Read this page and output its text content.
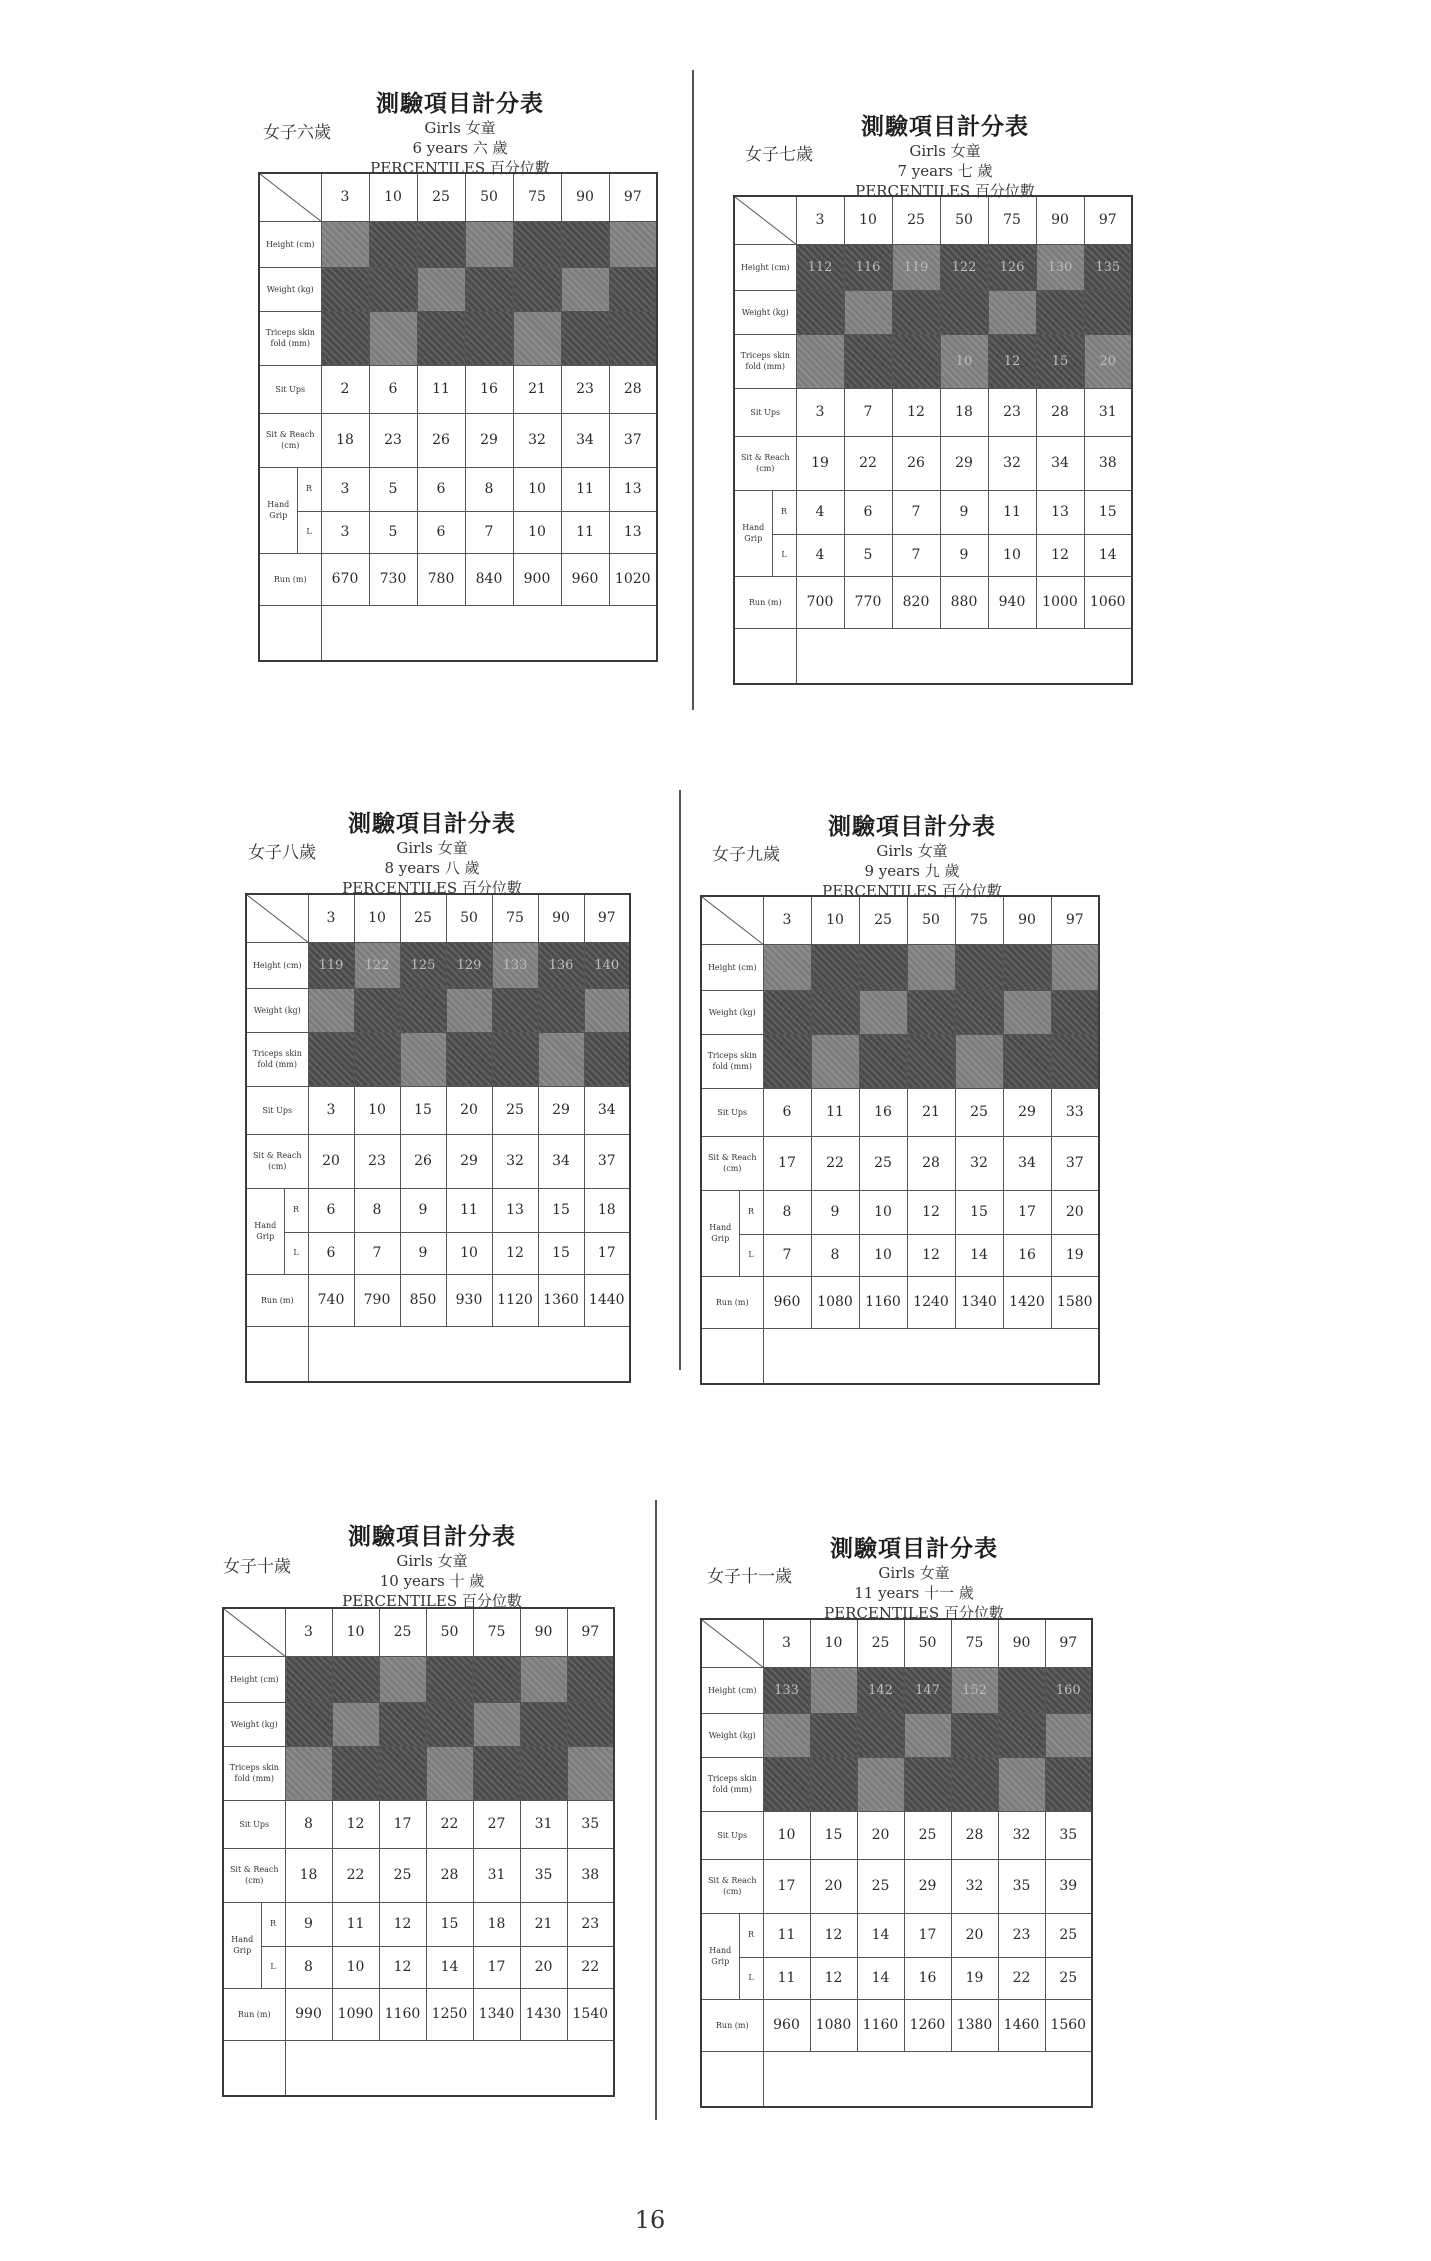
16
測驗項目計分表
Girls 女童
6 years 六 歲
PERCENTILES 百分位數
女子六歲
	3	10	25	50	75	90	97
Height (cm)								
Weight (kg)								
Triceps skin fold (mm)								
Sit Ups		2	6	11	16	21	23	28
Sit & Reach (cm)		18	23	26	29	32	34	37
Hand Grip	R	3	5	6	8	10	11	13
	L	3	5	6	7	10	11	13
Run (m)		670	730	780	840	900	960	1020

測驗項目計分表
Girls 女童
7 years 七 歲
PERCENTILES 百分位數
女子七歲
	3	10	25	50	75	90	97
Height (cm)		112	116	119	122	126	130	135
Weight (kg)								
Triceps skin fold (mm)					10	12	15	20
Sit Ups		3	7	12	18	23	28	31
Sit & Reach (cm)		19	22	26	29	32	34	38
Hand Grip	R	4	6	7	9	11	13	15
	L	4	5	7	9	10	12	14
Run (m)		700	770	820	880	940	1000	1060

測驗項目計分表
Girls 女童
8 years 八 歲
PERCENTILES 百分位數
女子八歲
	3	10	25	50	75	90	97
Height (cm)		119	122	125	129	133	136	140
Weight (kg)								
Triceps skin fold (mm)								
Sit Ups		3	10	15	20	25	29	34
Sit & Reach (cm)		20	23	26	29	32	34	37
Hand Grip	R	6	8	9	11	13	15	18
	L	6	7	9	10	12	15	17
Run (m)		740	790	850	930	1120	1360	1440

測驗項目計分表
Girls 女童
9 years 九 歲
PERCENTILES 百分位數
女子九歲
	3	10	25	50	75	90	97
Height (cm)								
Weight (kg)								
Triceps skin fold (mm)								
Sit Ups		6	11	16	21	25	29	33
Sit & Reach (cm)		17	22	25	28	32	34	37
Hand Grip	R	8	9	10	12	15	17	20
	L	7	8	10	12	14	16	19
Run (m)		960	1080	1160	1240	1340	1420	1580

測驗項目計分表
Girls 女童
10 years 十 歲
PERCENTILES 百分位數
女子十歲
	3	10	25	50	75	90	97
Height (cm)								
Weight (kg)								
Triceps skin fold (mm)								
Sit Ups		8	12	17	22	27	31	35
Sit & Reach (cm)		18	22	25	28	31	35	38
Hand Grip	R	9	11	12	15	18	21	23
	L	8	10	12	14	17	20	22
Run (m)		990	1090	1160	1250	1340	1430	1540

測驗項目計分表
Girls 女童
11 years 十一 歲
PERCENTILES 百分位數
女子十一歲
	3	10	25	50	75	90	97
Height (cm)		133		142	147	152		160
Weight (kg)								
Triceps skin fold (mm)								
Sit Ups		10	15	20	25	28	32	35
Sit & Reach (cm)		17	20	25	29	32	35	39
Hand Grip	R	11	12	14	17	20	23	25
	L	11	12	14	16	19	22	25
Run (m)		960	1080	1160	1260	1380	1460	1560
